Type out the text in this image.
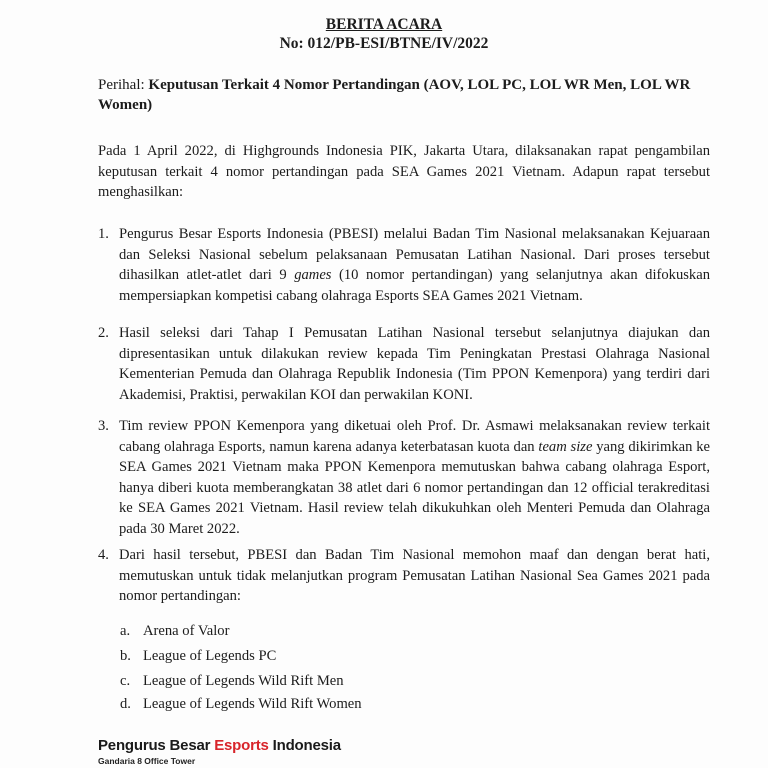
BERITA ACARA
No: 012/PB-ESI/BTNE/IV/2022
Perihal: Keputusan Terkait 4 Nomor Pertandingan (AOV, LOL PC, LOL WR Men, LOL WR Women)
Pada 1 April 2022, di Highgrounds Indonesia PIK, Jakarta Utara, dilaksanakan rapat pengambilan keputusan terkait 4 nomor pertandingan pada SEA Games 2021 Vietnam. Adapun rapat tersebut menghasilkan:
1. Pengurus Besar Esports Indonesia (PBESI) melalui Badan Tim Nasional melaksanakan Kejuaraan dan Seleksi Nasional sebelum pelaksanaan Pemusatan Latihan Nasional. Dari proses tersebut dihasilkan atlet-atlet dari 9 games (10 nomor pertandingan) yang selanjutnya akan difokuskan mempersiapkan kompetisi cabang olahraga Esports SEA Games 2021 Vietnam.
2. Hasil seleksi dari Tahap I Pemusatan Latihan Nasional tersebut selanjutnya diajukan dan dipresentasikan untuk dilakukan review kepada Tim Peningkatan Prestasi Olahraga Nasional Kementerian Pemuda dan Olahraga Republik Indonesia (Tim PPON Kemenpora) yang terdiri dari Akademisi, Praktisi, perwakilan KOI dan perwakilan KONI.
3. Tim review PPON Kemenpora yang diketuai oleh Prof. Dr. Asmawi melaksanakan review terkait cabang olahraga Esports, namun karena adanya keterbatasan kuota dan team size yang dikirimkan ke SEA Games 2021 Vietnam maka PPON Kemenpora memutuskan bahwa cabang olahraga Esport, hanya diberi kuota memberangkatan 38 atlet dari 6 nomor pertandingan dan 12 official terakreditasi ke SEA Games 2021 Vietnam. Hasil review telah dikukuhkan oleh Menteri Pemuda dan Olahraga pada 30 Maret 2022.
4. Dari hasil tersebut, PBESI dan Badan Tim Nasional memohon maaf dan dengan berat hati, memutuskan untuk tidak melanjutkan program Pemusatan Latihan Nasional Sea Games 2021 pada nomor pertandingan:
a. Arena of Valor
b. League of Legends PC
c. League of Legends Wild Rift Men
d. League of Legends Wild Rift Women
Pengurus Besar Esports Indonesia
Gandaria 8 Office Tower
